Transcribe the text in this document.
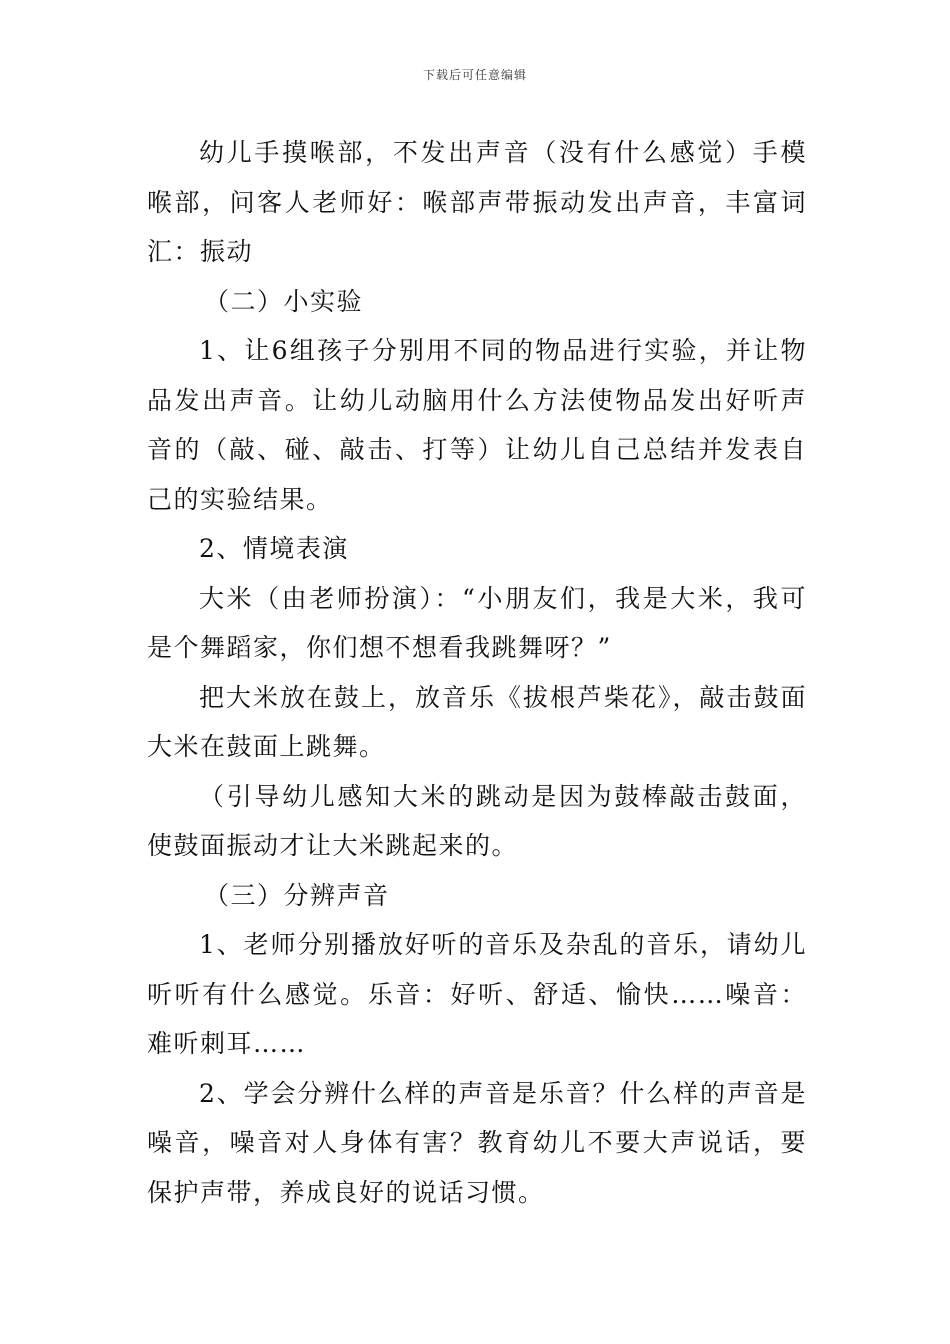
下载后可任意编辑

幼儿手摸喉部，不发出声音（没有什么感觉）手模喉部，问客人老师好：喉部声带振动发出声音，丰富词汇：振动

（二）小实验

1、让6组孩子分别用不同的物品进行实验，并让物品发出声音。让幼儿动脑用什么方法使物品发出好听声音的（敲、碰、敲击、打等）让幼儿自己总结并发表自己的实验结果。

2、情境表演

大米（由老师扮演）：“小朋友们，我是大米，我可是个舞蹈家，你们想不想看我跳舞呀？”

把大米放在鼓上，放音乐《拔根芦柴花》，敲击鼓面大米在鼓面上跳舞。

（引导幼儿感知大米的跳动是因为鼓棒敲击鼓面，使鼓面振动才让大米跳起来的。

（三）分辨声音

1、老师分别播放好听的音乐及杂乱的音乐，请幼儿听听有什么感觉。乐音：好听、舒适、愉快……噪音：难听刺耳……

2、学会分辨什么样的声音是乐音？什么样的声音是噪音，噪音对人身体有害？教育幼儿不要大声说话，要保护声带，养成良好的说话习惯。
